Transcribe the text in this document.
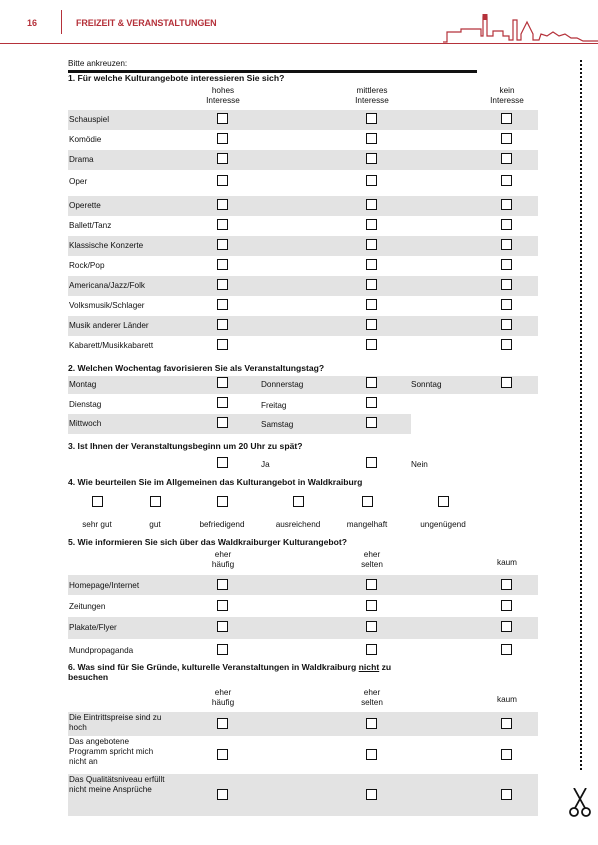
16	FREIZEIT & VERANSTALTUNGEN
Bitte ankreuzen:
1. Für welche Kulturangebote interessieren Sie sich?
hohes
Interesse
mittleres
Interesse
kein
Interesse
Schauspiel
Komödie
Drama
Oper
Operette
Ballett/Tanz
Klassische Konzerte
Rock/Pop
Americana/Jazz/Folk
Volksmusik/Schlager
Musik anderer Länder
Kabarett/Musikkabarett
2. Welchen Wochentag favorisieren Sie als Veranstaltungstag?
Montag	Donnerstag	Sonntag
Dienstag	Freitag
Mittwoch	Samstag
3. Ist Ihnen der Veranstaltungsbeginn um 20 Uhr zu spät?
Ja	Nein
4. Wie beurteilen Sie im Allgemeinen das Kulturangebot in Waldkraiburg
sehr gut	gut	befriedigend	ausreichend	mangelhaft	ungenügend
5. Wie informieren Sie sich über das Waldkraiburger Kulturangebot?
eher
häufig
eher
selten	kaum
Homepage/Internet
Zeitungen
Plakate/Flyer
Mundpropaganda
6. Was sind für Sie Gründe, kulturelle Veranstaltungen in Waldkraiburg nicht zu
besuchen
eher
häufig
eher
selten	kaum
Die Eintrittspreise sind zu
hoch
Das angebotene
Programm spricht mich
nicht an
Das Qualitätsniveau erfüllt
nicht meine Ansprüche
